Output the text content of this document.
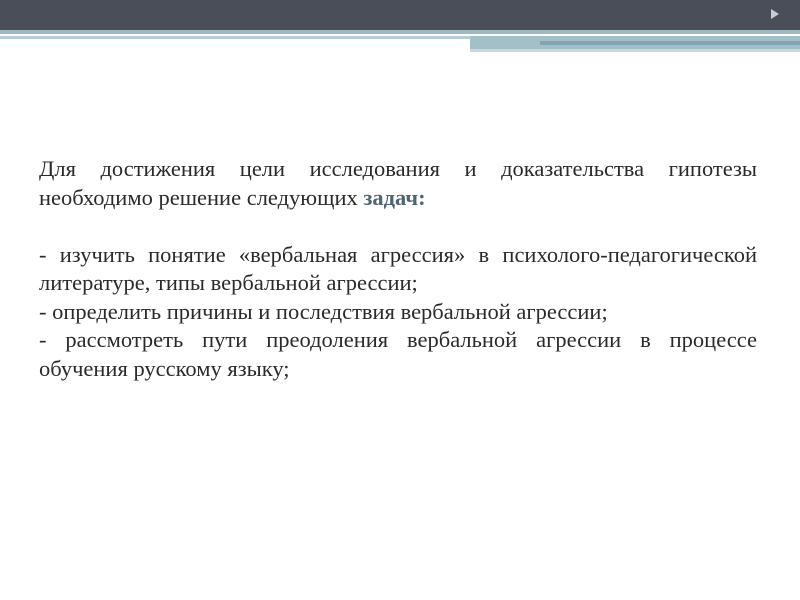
Для достижения цели исследования и доказательства гипотезы необходимо решение следующих задач:

- изучить понятие «вербальная агрессия» в психолого-педагогической литературе, типы вербальной агрессии;

- определить причины и последствия вербальной агрессии;

- рассмотреть пути преодоления вербальной агрессии в процессе обучения русскому языку;
